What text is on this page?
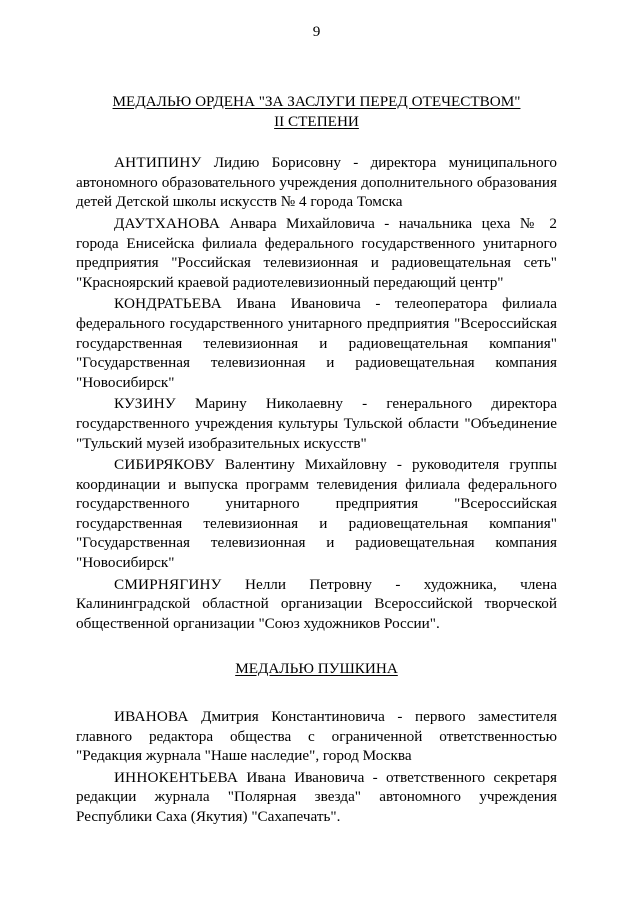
9

МЕДАЛЬЮ ОРДЕНА "ЗА ЗАСЛУГИ ПЕРЕД ОТЕЧЕСТВОМ"

II СТЕПЕНИ

АНТИПИНУ Лидию Борисовну - директора муниципального автономного образовательного учреждения дополнительного образования детей Детской школы искусств № 4 города Томска

ДАУТХАНОВА Анвара Михайловича - начальника цеха № 2 города Енисейска филиала федерального государственного унитарного предприятия "Российская телевизионная и радиовещательная сеть" "Красноярский краевой радиотелевизионный передающий центр"

КОНДРАТЬЕВА Ивана Ивановича - телеоператора филиала федерального государственного унитарного предприятия "Всероссийская государственная телевизионная и радиовещательная компания" "Государственная телевизионная и радиовещательная компания "Новосибирск"

КУЗИНУ Марину Николаевну - генерального директора государственного учреждения культуры Тульской области "Объединение "Тульский музей изобразительных искусств"

СИБИРЯКОВУ Валентину Михайловну - руководителя группы координации и выпуска программ телевидения филиала федерального государственного унитарного предприятия "Всероссийская государственная телевизионная и радиовещательная компания" "Государственная телевизионная и радиовещательная компания "Новосибирск"

СМИРНЯГИНУ Нелли Петровну - художника, члена Калининградской областной организации Всероссийской творческой общественной организации "Союз художников России".

МЕДАЛЬЮ ПУШКИНА

ИВАНОВА Дмитрия Константиновича - первого заместителя главного редактора общества с ограниченной ответственностью "Редакция журнала "Наше наследие", город Москва

ИННОКЕНТЬЕВА Ивана Ивановича - ответственного секретаря редакции журнала "Полярная звезда" автономного учреждения Республики Саха (Якутия) "Сахапечать".
